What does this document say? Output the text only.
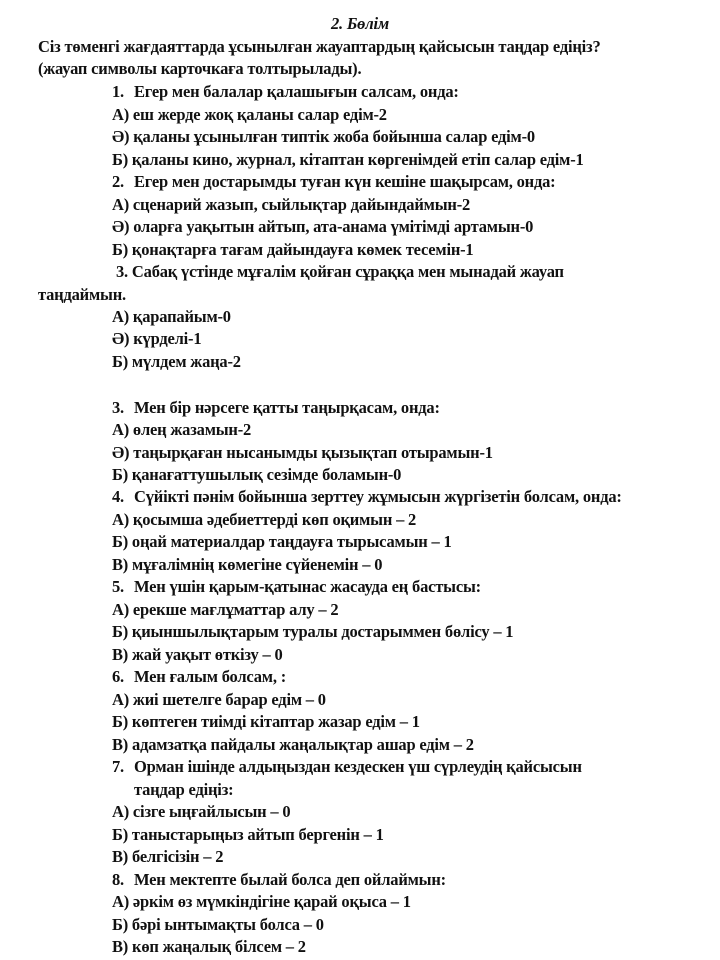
2. Бөлім
Сіз төменгі жағдаяттарда ұсынылған жауаптардың қайсысын таңдар едіңіз?
(жауап символы карточкаға толтырылады).
1. Егер мен балалар қалашығын салсам, онда:
А) еш жерде жоқ қаланы салар едім-2
Ә) қаланы ұсынылған типтік жоба бойынша салар едім-0
Б) қаланы кино, журнал, кітаптан көргенімдей етіп салар едім-1
2. Егер мен достарымды туған күн кешіне шақырсам, онда:
А) сценарий жазып, сыйлықтар дайындаймын-2
Ә) оларға уақытын айтып, ата-анама үмітімді артамын-0
Б) қонақтарға тағам дайындауға көмек тесемін-1
3. Сабақ үстінде мұғалім қойған сұраққа мен мынадай жауап
таңдаймын.
А) қарапайым-0
Ә) күрделі-1
Б) мүлдем жаңа-2
3. Мен бір нәрсеге қатты таңырқасам, онда:
А) өлең жазамын-2
Ә) таңырқаған нысанымды қызықтап отырамын-1
Б) қанағаттушылық сезімде боламын-0
4. Сүйікті пәнім бойынша зерттеу жұмысын жүргізетін болсам, онда:
А) қосымша әдебиеттерді көп оқимын – 2
Б) оңай материалдар таңдауға тырысамын – 1
В) мұғалімнің көмегіне сүйенемін – 0
5. Мен үшін қарым-қатынас жасауда ең бастысы:
А) ерекше мағлұматтар алу – 2
Б) қиыншылықтарым туралы достарыммен бөлісу – 1
В) жай уақыт өткізу – 0
6. Мен ғалым болсам, :
А) жиі шетелге барар едім – 0
Б) көптеген тиімді кітаптар жазар едім – 1
В) адамзатқа пайдалы жаңалықтар ашар едім – 2
7. Орман ішінде алдыңыздан кездескен үш сүрлеудің қайсысын
таңдар едіңіз:
А) сізге ыңғайлысын – 0
Б) таныстарыңыз айтып бергенін – 1
В) белгісізін – 2
8. Мен мектепте былай болса деп ойлаймын:
А) әркім өз мүмкіндігіне қарай оқыса – 1
Б) бәрі ынтымақты болса – 0
В) көп жаңалық білсем – 2
